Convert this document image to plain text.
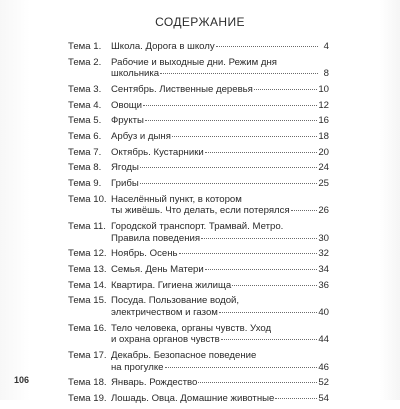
СОДЕРЖАНИЕ
Тема 1.	Школа. Дорога в школу	4
Тема 2.	Рабочие и выходные дни. Режим дня
школьника	8
Тема 3.	Сентябрь. Лиственные деревья	10
Тема 4.	Овощи	12
Тема 5.	Фрукты	16
Тема 6.	Арбуз и дыня	18
Тема 7.	Октябрь. Кустарники	20
Тема 8.	Ягоды	24
Тема 9.	Грибы	25
Тема 10. Населённый пункт, в котором
ты живёшь. Что делать, если потерялся	26
Тема 11. Городской транспорт. Трамвай. Метро.
Правила поведения	30
Тема 12. Ноябрь. Осень	32
Тема 13. Семья. День Матери	34
Тема 14. Квартира. Гигиена жилища	36
Тема 15. Посуда. Пользование водой,
электричеством и газом	40
Тема 16. Тело человека, органы чувств. Уход
и охрана органов чувств	44
Тема 17. Декабрь. Безопасное поведение
на прогулке	46
Тема 18. Январь. Рождество	52
Тема 19. Лошадь. Овца. Домашние животные	54
106
